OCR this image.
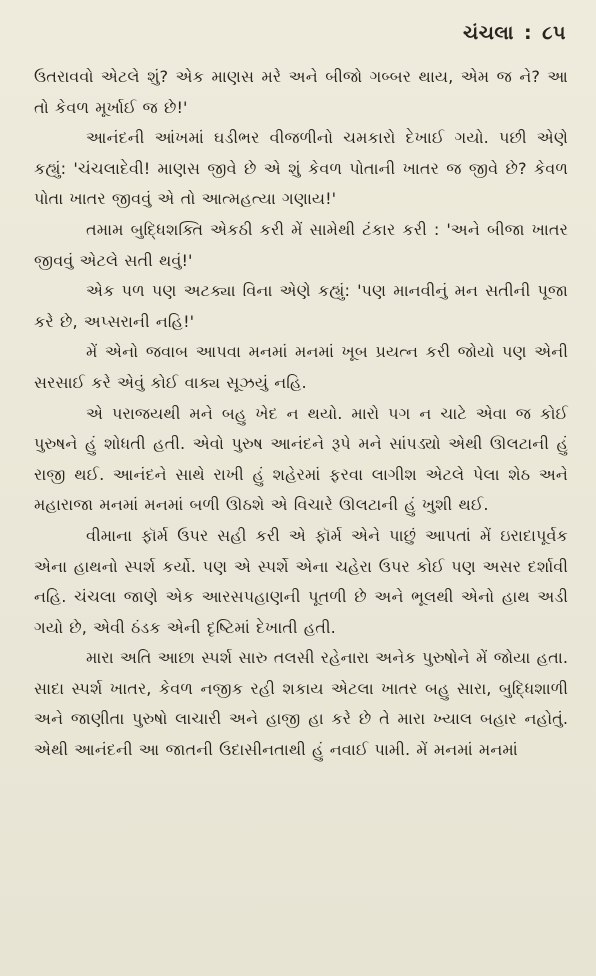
ચંચલા : ૮૫

ઉતરાવવો એટલે શું? એક માણસ મરે અને બીજો ગબ્બર થાય, એમ જ ને? આ તો કેવળ મૂર્ખાઈ જ છે!'

આનંદની આંખમાં ઘડીભર વીજળીનો ચમકારો દેખાઈ ગયો. પછી એણે કહ્યું: 'ચંચલાદેવી! માણસ જીવે છે એ શું કેવળ પોતાની ખાતર જ જીવે છે? કેવળ પોતા ખાતર જીવવું એ તો આત્મહત્યા ગણાય!'

તમામ બુદ્ધિશક્તિ એકઠી કરી મેં સામેથી ટંકાર કરી : 'અને બીજા ખાતર જીવવું એટલે સતી થવું!'

એક પળ પણ અટક્યા વિના એણે કહ્યું: 'પણ માનવીનું મન સતીની પૂજા કરે છે, અપ્સરાની નહિ!'

મેં એનો જવાબ આપવા મનમાં મનમાં ખૂબ પ્રયત્ન કરી જોયો પણ એની સરસાઈ કરે એવું કોઈ વાક્ય સૂઝયું નહિ.

એ પરાજયથી મને બહુ ખેદ ન થયો. મારો પગ ન ચાટે એવા જ કોઈ પુરુષને હું શોધતી હતી. એવો પુરુષ આનંદને રૂપે મને સાંપડ્યો એથી ઊલટાની હું રાજી થઈ. આનંદને સાથે રાખી હું શહેરમાં ફરવા લાગીશ એટલે પેલા શેઠ અને મહારાજા મનમાં મનમાં બળી ઊઠશે એ વિચારે ઊલટાની હું ખુશી થઈ.

વીમાના ફૉર્મ ઉપર સહી કરી એ ફૉર્મ એને પાછું આપતાં મેં ઇરાદાપૂર્વક એના હાથનો સ્પર્શ કર્યો. પણ એ સ્પર્શે એના ચહેરા ઉપર કોઈ પણ અસર દર્શાવી નહિ. ચંચલા જાણે એક આરસપહાણની પૂતળી છે અને ભૂલથી એનો હાથ અડી ગયો છે, એવી ઠંડક એની દૃષ્ટિમાં દેખાતી હતી.

મારા અતિ આછા સ્પર્શ સારુ તલસી રહેનારા અનેક પુરુષોને મેં જોયા હતા. સાદા સ્પર્શ ખાતર, કેવળ નજીક રહી શકાય એટલા ખાતર બહુ સારા, બુદ્ધિશાળી અને જાણીતા પુરુષો લાચારી અને હાજી હા કરે છે તે મારા ખ્યાલ બહાર નહોતું. એથી આનંદની આ જાતની ઉદાસીનતાથી હું નવાઈ પામી. મેં મનમાં મનમાં
